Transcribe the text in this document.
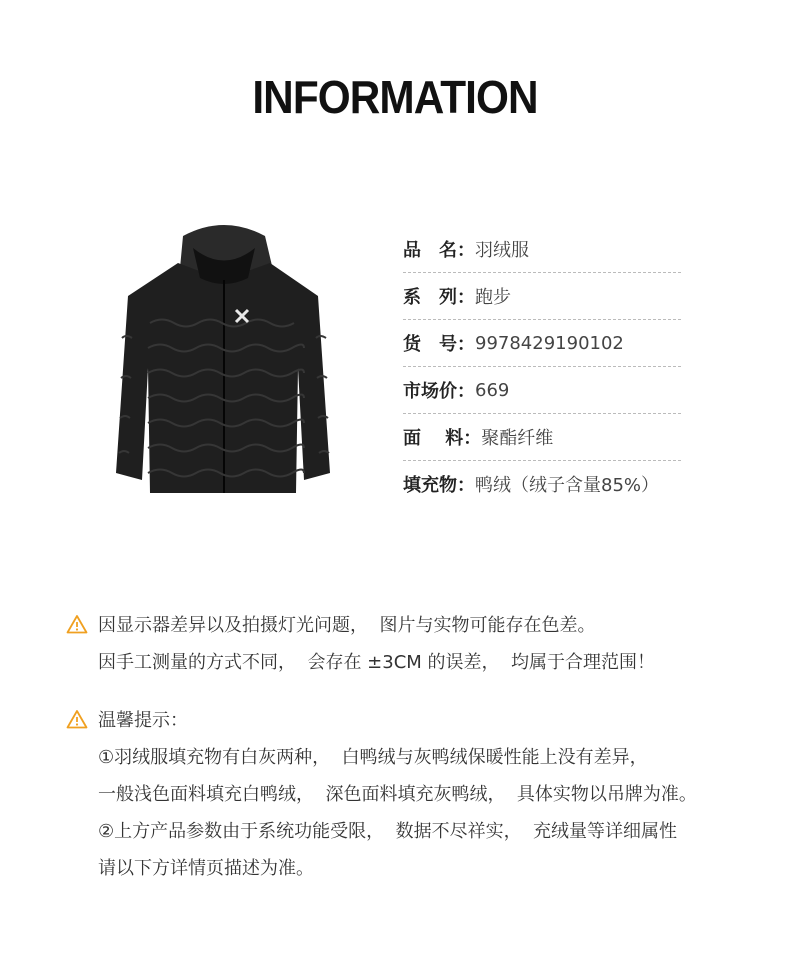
INFORMATION
品　名： 羽绒服
系　列： 跑步
货　号： 9978429190102
市场价： 669
面　 料： 聚酯纤维
填充物： 鸭绒（绒子含量85%）
因显示器差异以及拍摄灯光问题，  图片与实物可能存在色差。
因手工测量的方式不同，  会存在 ±3CM 的误差，  均属于合理范围！
温馨提示：
①羽绒服填充物有白灰两种，  白鸭绒与灰鸭绒保暖性能上没有差异，
一般浅色面料填充白鸭绒，  深色面料填充灰鸭绒，  具体实物以吊牌为准。
②上方产品参数由于系统功能受限，  数据不尽祥实，  充绒量等详细属性
请以下方详情页描述为准。
